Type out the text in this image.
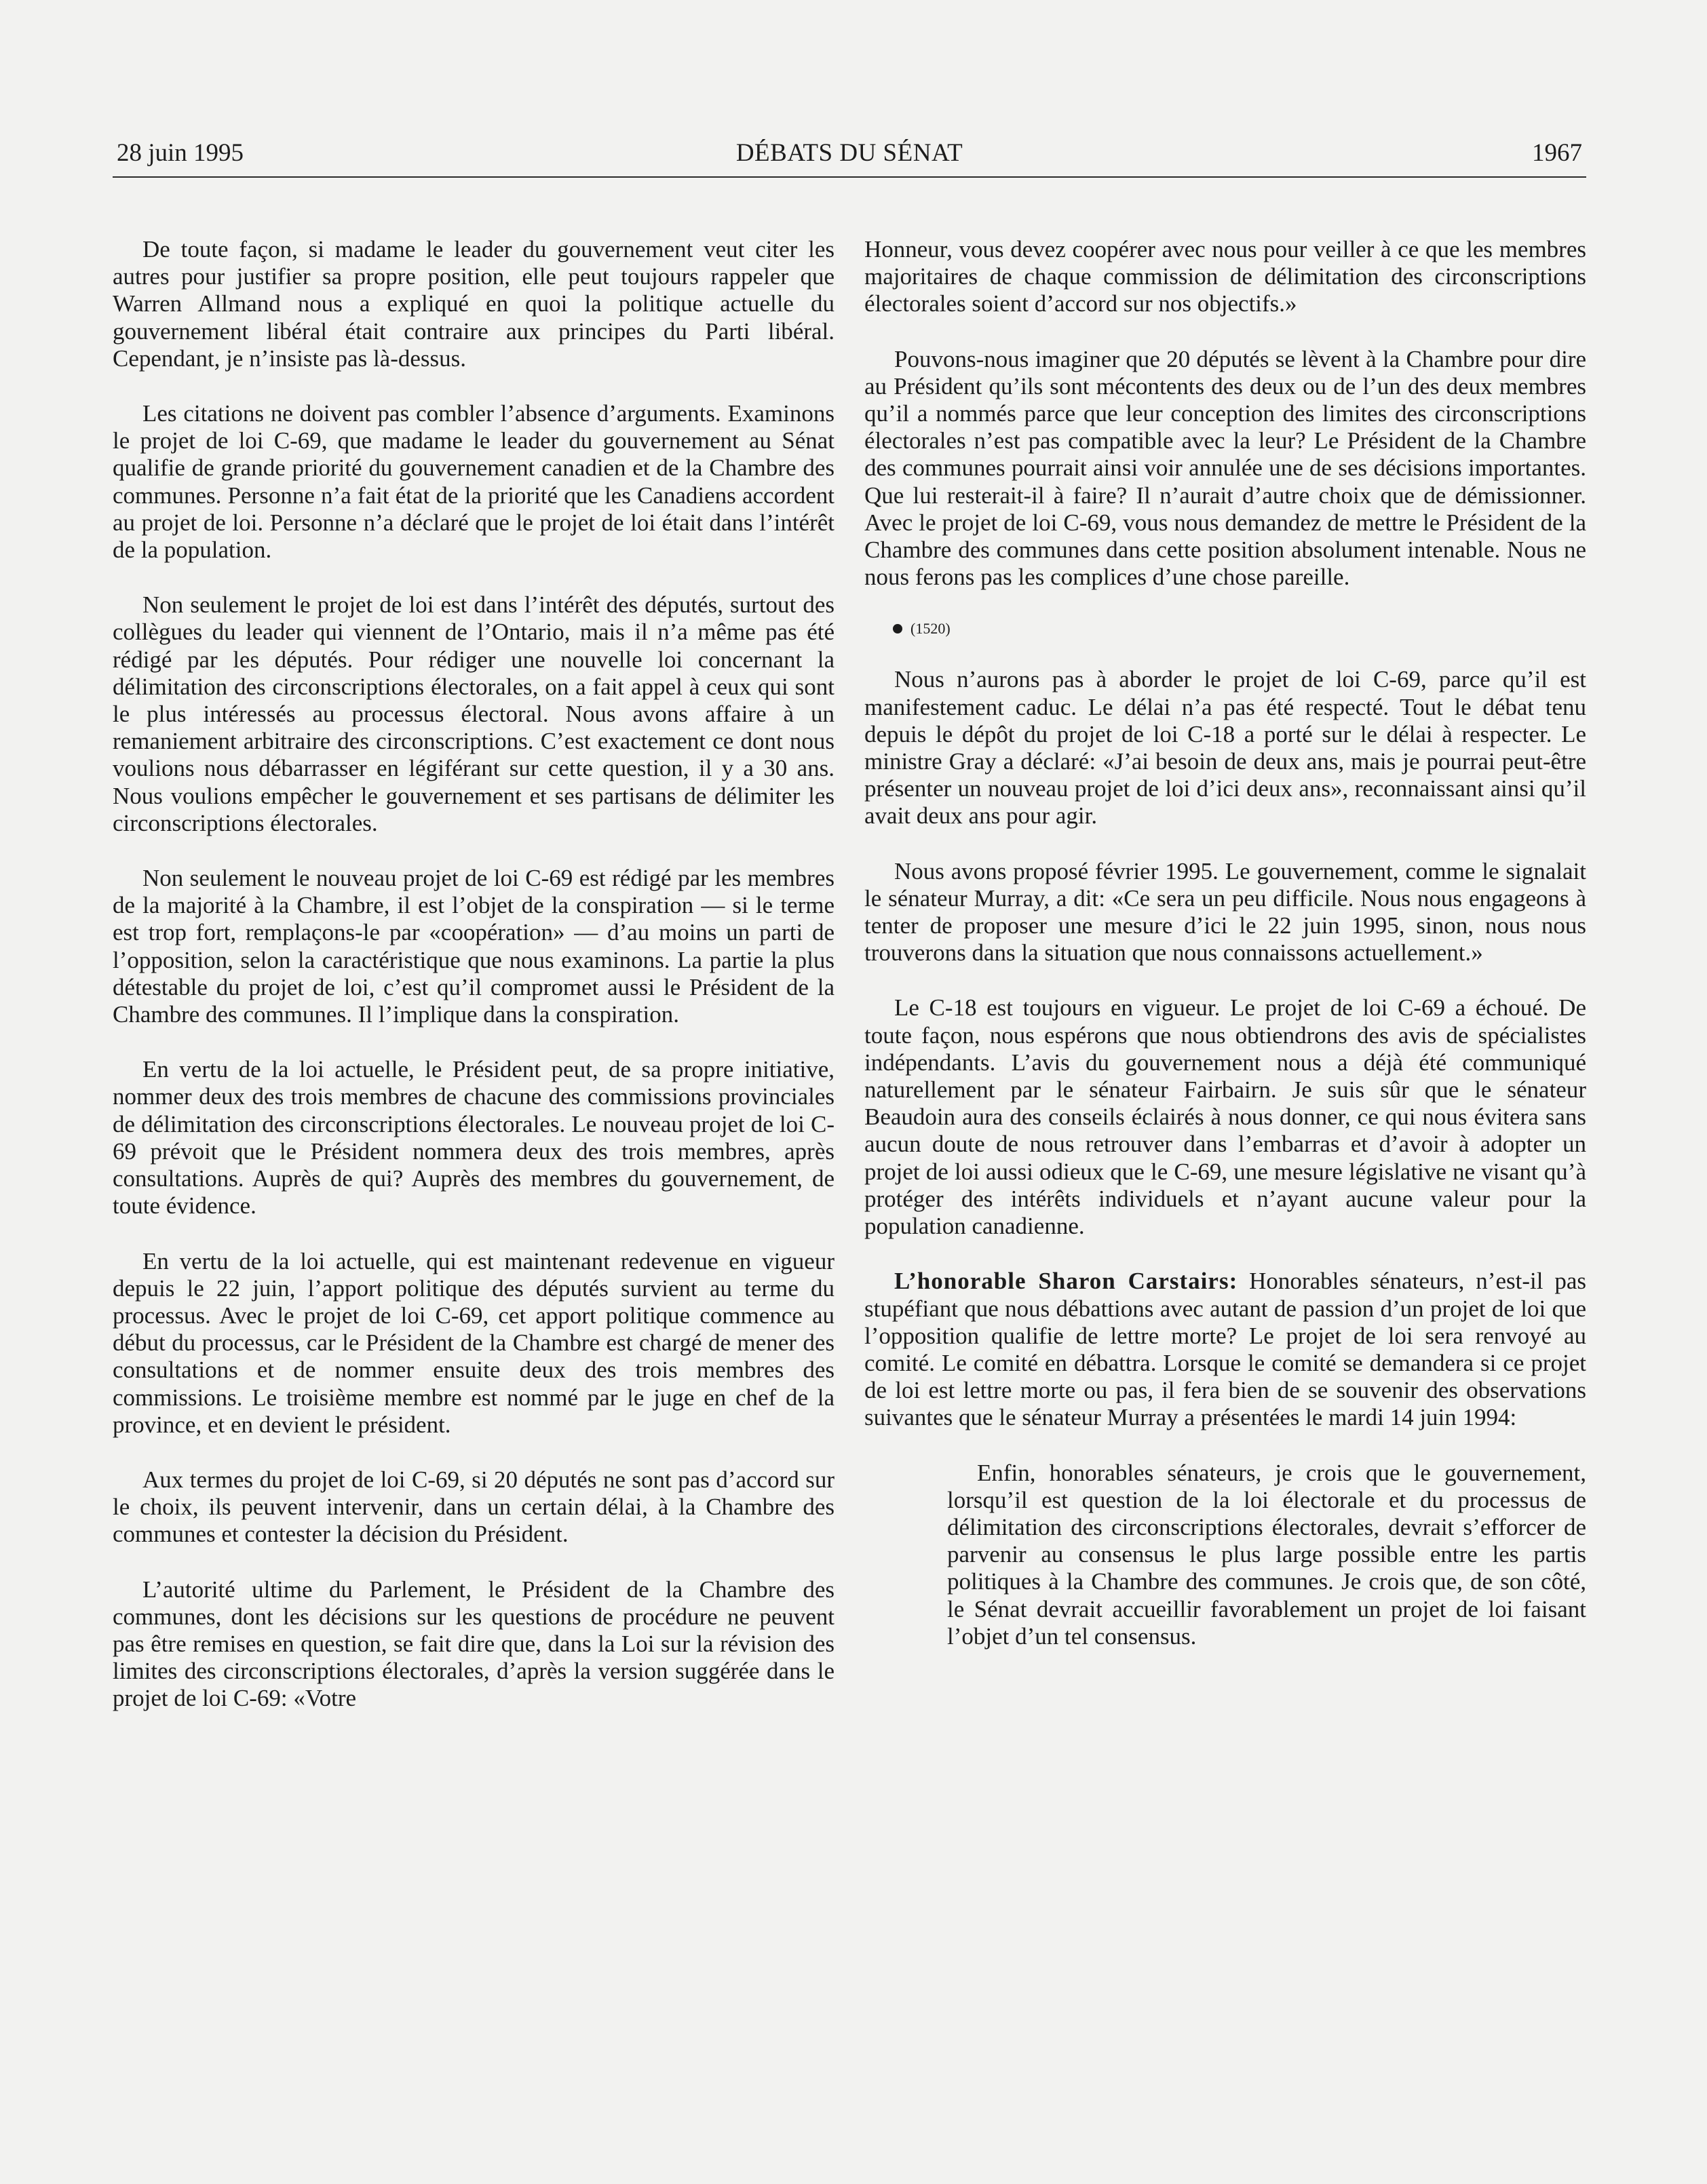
28 juin 1995	DÉBATS DU SÉNAT	1967

De toute façon, si madame le leader du gouvernement veut citer les autres pour justifier sa propre position, elle peut toujours rappeler que Warren Allmand nous a expliqué en quoi la politique actuelle du gouvernement libéral était contraire aux principes du Parti libéral. Cependant, je n’insiste pas là-dessus.

Les citations ne doivent pas combler l’absence d’arguments. Examinons le projet de loi C-69, que madame le leader du gouvernement au Sénat qualifie de grande priorité du gouvernement canadien et de la Chambre des communes. Personne n’a fait état de la priorité que les Canadiens accordent au projet de loi. Personne n’a déclaré que le projet de loi était dans l’intérêt de la population.

Non seulement le projet de loi est dans l’intérêt des députés, surtout des collègues du leader qui viennent de l’Ontario, mais il n’a même pas été rédigé par les députés. Pour rédiger une nouvelle loi concernant la délimitation des circonscriptions électorales, on a fait appel à ceux qui sont le plus intéressés au processus électoral. Nous avons affaire à un remaniement arbitraire des circonscriptions. C’est exactement ce dont nous voulions nous débarrasser en légiférant sur cette question, il y a 30 ans. Nous voulions empêcher le gouvernement et ses partisans de délimiter les circonscriptions électorales.

Non seulement le nouveau projet de loi C-69 est rédigé par les membres de la majorité à la Chambre, il est l’objet de la conspiration — si le terme est trop fort, remplaçons-le par «coopération» — d’au moins un parti de l’opposition, selon la caractéristique que nous examinons. La partie la plus détestable du projet de loi, c’est qu’il compromet aussi le Président de la Chambre des communes. Il l’implique dans la conspiration.

En vertu de la loi actuelle, le Président peut, de sa propre initiative, nommer deux des trois membres de chacune des commissions provinciales de délimitation des circonscriptions électorales. Le nouveau projet de loi C-69 prévoit que le Président nommera deux des trois membres, après consultations. Auprès de qui? Auprès des membres du gouvernement, de toute évidence.

En vertu de la loi actuelle, qui est maintenant redevenue en vigueur depuis le 22 juin, l’apport politique des députés survient au terme du processus. Avec le projet de loi C-69, cet apport politique commence au début du processus, car le Président de la Chambre est chargé de mener des consultations et de nommer ensuite deux des trois membres des commissions. Le troisième membre est nommé par le juge en chef de la province, et en devient le président.

Aux termes du projet de loi C-69, si 20 députés ne sont pas d’accord sur le choix, ils peuvent intervenir, dans un certain délai, à la Chambre des communes et contester la décision du Président.

L’autorité ultime du Parlement, le Président de la Chambre des communes, dont les décisions sur les questions de procédure ne peuvent pas être remises en question, se fait dire que, dans la Loi sur la révision des limites des circonscriptions électorales, d’après la version suggérée dans le projet de loi C-69: «Votre

Honneur, vous devez coopérer avec nous pour veiller à ce que les membres majoritaires de chaque commission de délimitation des circonscriptions électorales soient d’accord sur nos objectifs.»

Pouvons-nous imaginer que 20 députés se lèvent à la Chambre pour dire au Président qu’ils sont mécontents des deux ou de l’un des deux membres qu’il a nommés parce que leur conception des limites des circonscriptions électorales n’est pas compatible avec la leur? Le Président de la Chambre des communes pourrait ainsi voir annulée une de ses décisions importantes. Que lui resterait-il à faire? Il n’aurait d’autre choix que de démissionner. Avec le projet de loi C-69, vous nous demandez de mettre le Président de la Chambre des communes dans cette position absolument intenable. Nous ne nous ferons pas les complices d’une chose pareille.

(1520)

Nous n’aurons pas à aborder le projet de loi C-69, parce qu’il est manifestement caduc. Le délai n’a pas été respecté. Tout le débat tenu depuis le dépôt du projet de loi C-18 a porté sur le délai à respecter. Le ministre Gray a déclaré: «J’ai besoin de deux ans, mais je pourrai peut-être présenter un nouveau projet de loi d’ici deux ans», reconnaissant ainsi qu’il avait deux ans pour agir.

Nous avons proposé février 1995. Le gouvernement, comme le signalait le sénateur Murray, a dit: «Ce sera un peu difficile. Nous nous engageons à tenter de proposer une mesure d’ici le 22 juin 1995, sinon, nous nous trouverons dans la situation que nous connaissons actuellement.»

Le C-18 est toujours en vigueur. Le projet de loi C-69 a échoué. De toute façon, nous espérons que nous obtiendrons des avis de spécialistes indépendants. L’avis du gouvernement nous a déjà été communiqué naturellement par le sénateur Fairbairn. Je suis sûr que le sénateur Beaudoin aura des conseils éclairés à nous donner, ce qui nous évitera sans aucun doute de nous retrouver dans l’embarras et d’avoir à adopter un projet de loi aussi odieux que le C-69, une mesure législative ne visant qu’à protéger des intérêts individuels et n’ayant aucune valeur pour la population canadienne.

L’honorable Sharon Carstairs: Honorables sénateurs, n’est-il pas stupéfiant que nous débattions avec autant de passion d’un projet de loi que l’opposition qualifie de lettre morte? Le projet de loi sera renvoyé au comité. Le comité en débattra. Lorsque le comité se demandera si ce projet de loi est lettre morte ou pas, il fera bien de se souvenir des observations suivantes que le sénateur Murray a présentées le mardi 14 juin 1994:

Enfin, honorables sénateurs, je crois que le gouvernement, lorsqu’il est question de la loi électorale et du processus de délimitation des circonscriptions électorales, devrait s’efforcer de parvenir au consensus le plus large possible entre les partis politiques à la Chambre des communes. Je crois que, de son côté, le Sénat devrait accueillir favorablement un projet de loi faisant l’objet d’un tel consensus.
